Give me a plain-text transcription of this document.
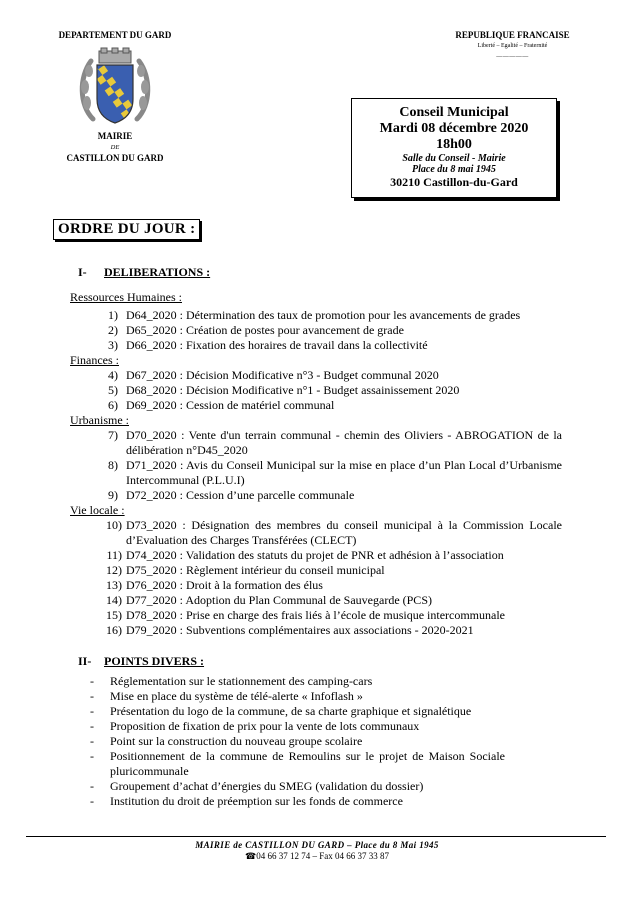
DEPARTEMENT DU GARD
MAIRIE
DE
CASTILLON DU GARD
REPUBLIQUE FRANCAISE
Liberté – Egalité – Fraternité
—————
Conseil Municipal
Mardi 08 décembre 2020
18h00
Salle du Conseil - Mairie
Place du 8 mai 1945
30210 Castillon-du-Gard
ORDRE DU JOUR :
I- DELIBERATIONS :
Ressources Humaines :
1) D64_2020 : Détermination des taux de promotion pour les avancements de grades
2) D65_2020 : Création de postes pour avancement de grade
3) D66_2020 : Fixation des horaires de travail dans la collectivité
Finances :
4) D67_2020 : Décision Modificative n°3 - Budget communal 2020
5) D68_2020 : Décision Modificative n°1 - Budget assainissement 2020
6) D69_2020 : Cession de matériel communal
Urbanisme :
7) D70_2020 : Vente d'un terrain communal - chemin des Oliviers - ABROGATION de la délibération n°D45_2020
8) D71_2020 : Avis du Conseil Municipal sur la mise en place d’un Plan Local d’Urbanisme Intercommunal (P.L.U.I)
9) D72_2020 : Cession d’une parcelle communale
Vie locale :
10) D73_2020 : Désignation des membres du conseil municipal à la Commission Locale d’Evaluation des Charges Transférées (CLECT)
11) D74_2020 : Validation des statuts du projet de PNR et adhésion à l’association
12) D75_2020 : Règlement intérieur du conseil municipal
13) D76_2020 : Droit à la formation des élus
14) D77_2020 : Adoption du Plan Communal de Sauvegarde (PCS)
15) D78_2020 : Prise en charge des frais liés à l’école de musique intercommunale
16) D79_2020 : Subventions complémentaires aux associations - 2020-2021
II- POINTS DIVERS :
- Réglementation sur le stationnement des camping-cars
- Mise en place du système de télé-alerte « Infoflash »
- Présentation du logo de la commune, de sa charte graphique et signalétique
- Proposition de fixation de prix pour la vente de lots communaux
- Point sur la construction du nouveau groupe scolaire
- Positionnement de la commune de Remoulins sur le projet de Maison Sociale pluricommunale
- Groupement d’achat d’énergies du SMEG (validation du dossier)
- Institution du droit de préemption sur les fonds de commerce
MAIRIE de CASTILLON DU GARD – Place du 8 Mai 1945
☎04 66 37 12 74 – Fax 04 66 37 33 87
